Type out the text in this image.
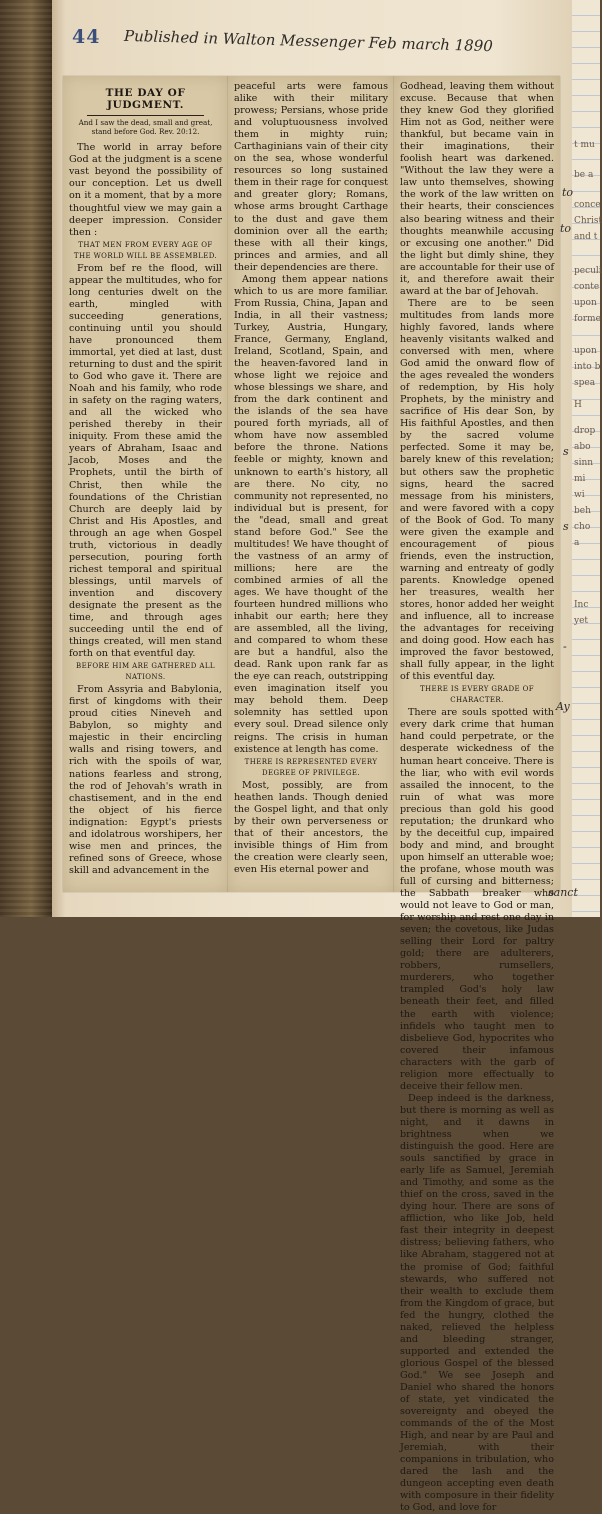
t mu
be a
conce
Christ
and t
peculi
conte
upon
forme
upon
into b
spea
H
drop
abo
sinn
mi
wi
beh
cho
a
Inc
yet
44 Published in Walton Messenger Feb march 1890
THE DAY OF JUDGMENT.
And I saw the dead, small and great, stand before God. Rev. 20:12.

The world in array before God at the judgment is a scene vast beyond the possibility of our conception. Let us dwell on it a moment, that by a more thoughtful view we may gain a deeper impression. Consider then :

THAT MEN FROM EVERY AGE OF THE WORLD WILL BE ASSEMBLED.

From bef re the flood, will appear the multitudes, who for long centuries dwelt on the earth, mingled with succeeding generations, continuing until you should have pronounced them immortal, yet died at last, dust returning to dust and the spirit to God who gave it. There are Noah and his family, who rode in safety on the raging waters, and all the wicked who perished thereby in their iniquity. From these amid the years of Abraham, Isaac and Jacob, Moses and the Prophets, until the birth of Christ, then while the foundations of the Christian Church are deeply laid by Christ and His Apostles, and through an age when Gospel truth, victorious in deadly persecution, pouring forth richest temporal and spiritual blessings, until marvels of invention and discovery designate the present as the time, and through ages succeeding until the end of things created, will men stand forth on that eventful day.

BEFORE HIM ARE GATHERED ALL NATIONS.

From Assyria and Babylonia, first of kingdoms with their proud cities Nineveh and Babylon, so mighty and majestic in their encircling walls and rising towers, and rich with the spoils of war, nations fearless and strong, the rod of Jehovah's wrath in chastisement, and in the end the object of his fierce indignation: Egypt's priests and idolatrous worshipers, her wise men and princes, the refined sons of Greece, whose skill and advancement in the

peaceful arts were famous alike with their military prowess; Persians, whose pride and voluptuousness involved them in mighty ruin; Carthaginians vain of their city on the sea, whose wonderful resources so long sustained them in their rage for conquest and greater glory; Romans, whose arms brought Carthage to the dust and gave them dominion over all the earth; these with all their kings, princes and armies, and all their dependencies are there.

Among them appear nations which to us are more familiar. From Russia, China, Japan and India, in all their vastness; Turkey, Austria, Hungary, France, Germany, England, Ireland, Scotland, Spain, and the heaven-favored land in whose light we rejoice and whose blessings we share, and from the dark continent and the islands of the sea have poured forth myriads, all of whom have now assembled before the throne. Nations feeble or mighty, known and unknown to earth's history, all are there. No city, no community not represented, no individual but is present, for the "dead, small and great stand before God." See the multitudes! We have thought of the vastness of an army of millions; here are the combined armies of all the ages. We have thought of the fourteen hundred millions who inhabit our earth; here they are assembled, all the living, and compared to whom these are but a handful, also the dead. Rank upon rank far as the eye can reach, outstripping even imagination itself you may behold them. Deep solemnity has settled upon every soul. Dread silence only reigns. The crisis in human existence at length has come.

THERE IS REPRESENTED EVERY DEGREE OF PRIVILEGE.

Most, possibly, are from heathen lands. Though denied the Gospel light, and that only by their own perverseness or that of their ancestors, the invisible things of Him from the creation were clearly seen, even His eternal power and

Godhead, leaving them without excuse. Because that when they knew God they glorified Him not as God, neither were thankful, but became vain in their imaginations, their foolish heart was darkened. "Without the law they were a law unto themselves, showing the work of the law written on their hearts, their consciences also bearing witness and their thoughts meanwhile accusing or excusing one another." Did the light but dimly shine, they are accountable for their use of it, and therefore await their award at the bar of Jehovah.

There are to be seen multitudes from lands more highly favored, lands where heavenly visitants walked and conversed with men, where God amid the onward flow of the ages revealed the wonders of redemption, by His holy Prophets, by the ministry and sacrifice of His dear Son, by His faithful Apostles, and then by the sacred volume perfected. Some it may be, barely knew of this revelation; but others saw the prophetic signs, heard the sacred message from his ministers, and were favored with a copy of the Book of God. To many were given the example and encouragement of pious friends, even the instruction, warning and entreaty of godly parents. Knowledge opened her treasures, wealth her stores, honor added her weight and influence, all to increase the advantages for receiving and doing good. How each has improved the favor bestowed, shall fully appear, in the light of this eventful day.

THERE IS EVERY GRADE OF CHARACTER.

There are souls spotted with every dark crime that human hand could perpetrate, or the desperate wickedness of the human heart conceive. There is the liar, who with evil words assailed the innocent, to the ruin of what was more precious than gold his good reputation; the drunkard who by the deceitful cup, impaired body and mind, and brought upon himself an utterable woe; the profane, whose mouth was full of cursing and bitterness; the Sabbath breaker who would not leave to God or man, for worship and rest one day in seven; the covetous, like Judas selling their Lord for paltry gold; there are adulterers, robbers, rumsellers, murderers, who together trampled God's holy law beneath their feet, and filled the earth with violence; infidels who taught men to disbelieve God, hypocrites who covered their infamous characters with the garb of religion more effectually to deceive their fellow men.

Deep indeed is the darkness, but there is morning as well as night, and it dawns in brightness when we distinguish the good. Here are souls sanctified by grace in early life as Samuel, Jeremiah and Timothy, and some as the thief on the cross, saved in the dying hour. There are sons of affliction, who like Job, held fast their integrity in deepest distress; believing fathers, who like Abraham, staggered not at the promise of God; faithful stewards, who suffered not their wealth to exclude them from the Kingdom of grace, but fed the hungry, clothed the naked, relieved the helpless and bleeding stranger, supported and extended the glorious Gospel of the blessed God." We see Joseph and Daniel who shared the honors of state, yet vindicated the sovereignty and obeyed the commands of the of the Most High, and near by are Paul and Jeremiah, with their companions in tribulation, who dared the lash and the dungeon accepting even death with composure in their fidelity to God, and love for

to
to
s
s
-
Ay
sanct
